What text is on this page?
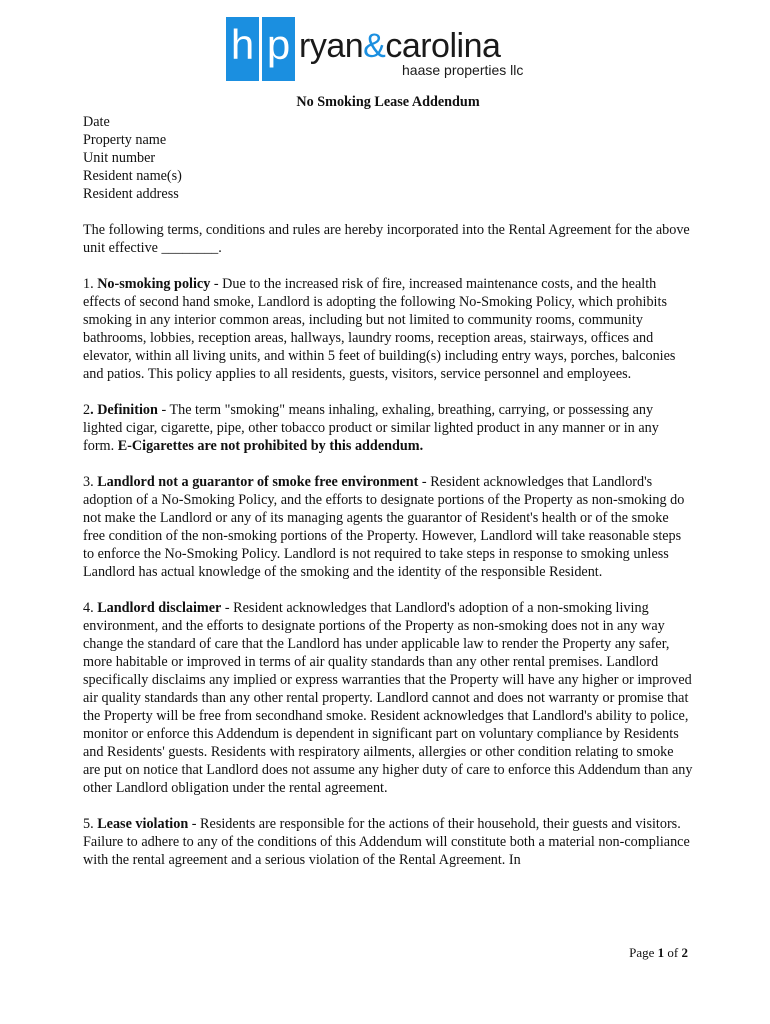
h p ryan&carolina
haase properties llc
No Smoking Lease Addendum
Date
Property name
Unit number
Resident name(s)
Resident address

The following terms, conditions and rules are hereby incorporated into the Rental Agreement for the above unit effective ________.

1. No-smoking policy - Due to the increased risk of fire, increased maintenance costs, and the health effects of second hand smoke, Landlord is adopting the following No-Smoking Policy, which prohibits smoking in any interior common areas, including but not limited to community rooms, community bathrooms, lobbies, reception areas, hallways, laundry rooms, reception areas, stairways, offices and elevator, within all living units, and within 5 feet of building(s) including entry ways, porches, balconies and patios. This policy applies to all residents, guests, visitors, service personnel and employees.

2. Definition - The term "smoking" means inhaling, exhaling, breathing, carrying, or possessing any lighted cigar, cigarette, pipe, other tobacco product or similar lighted product in any manner or in any form. E-Cigarettes are not prohibited by this addendum.

3. Landlord not a guarantor of smoke free environment - Resident acknowledges that Landlord's adoption of a No-Smoking Policy, and the efforts to designate portions of the Property as non-smoking do not make the Landlord or any of its managing agents the guarantor of Resident's health or of the smoke free condition of the non-smoking portions of the Property. However, Landlord will take reasonable steps to enforce the No-Smoking Policy. Landlord is not required to take steps in response to smoking unless Landlord has actual knowledge of the smoking and the identity of the responsible Resident.

4. Landlord disclaimer - Resident acknowledges that Landlord's adoption of a non-smoking living environment, and the efforts to designate portions of the Property as non-smoking does not in any way change the standard of care that the Landlord has under applicable law to render the Property any safer, more habitable or improved in terms of air quality standards than any other rental premises. Landlord specifically disclaims any implied or express warranties that the Property will have any higher or improved air quality standards than any other rental property. Landlord cannot and does not warranty or promise that the Property will be free from secondhand smoke. Resident acknowledges that Landlord's ability to police, monitor or enforce this Addendum is dependent in significant part on voluntary compliance by Residents and Residents' guests. Residents with respiratory ailments, allergies or other condition relating to smoke are put on notice that Landlord does not assume any higher duty of care to enforce this Addendum than any other Landlord obligation under the rental agreement.

5. Lease violation - Residents are responsible for the actions of their household, their guests and visitors. Failure to adhere to any of the conditions of this Addendum will constitute both a material non-compliance with the rental agreement and a serious violation of the Rental Agreement. In

Page 1 of 2
